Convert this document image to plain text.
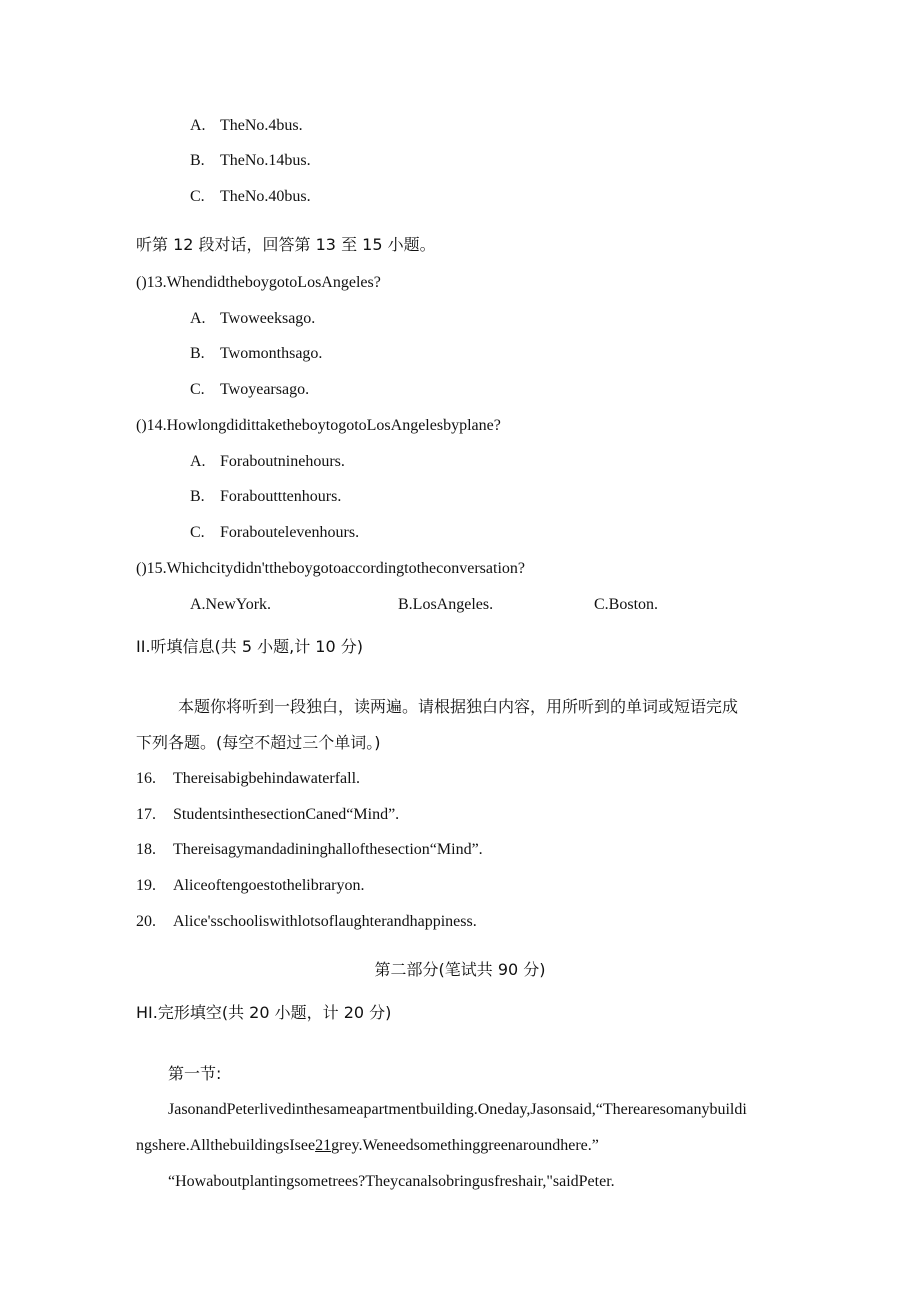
A. TheNo.4bus.
B. TheNo.14bus.
C. TheNo.40bus.
听第 12 段对话，回答第 13 至 15 小题。
()13.WhendidtheboygotoLosAngeles?
A. Twoweeksago.
B. Twomonthsago.
C. Twoyearsago.
()14.HowlongdidittaketheboytogotoLosAngelesbyplane?
A. Foraboutninehours.
B. Foraboutttenhours.
C. Foraboutelevenhours.
()15.Whichcitydidn'ttheboygotoaccordingtotheconversation?
A.NewYork.	B.LosAngeles.	C.Boston.
II.听填信息(共 5 小题,计 10 分)
本题你将听到一段独白，读两遍。请根据独白内容，用所听到的单词或短语完成
下列各题。(每空不超过三个单词。)
16. Thereisabigbehindawaterfall.
17. StudentsinthesectionCaned“Mind”.
18. Thereisagymandadininghallofthesection“Mind”.
19. Aliceoftengoestothelibraryon.
20. Alice'sschooliswithlotsoflaughterandhappiness.
第二部分(笔试共 90 分)
HI.完形填空(共 20 小题，计 20 分)
第一节:
JasonandPeterlivedinthesameapartmentbuilding.Oneday,Jasonsaid,“Therearesomanybuildi
ngshere.AllthebuildingsIsee21grey.Weneedsomethinggreenaroundhere.”
“Howaboutplantingsometrees?Theycanalsobringusfreshair,"saidPeter.
